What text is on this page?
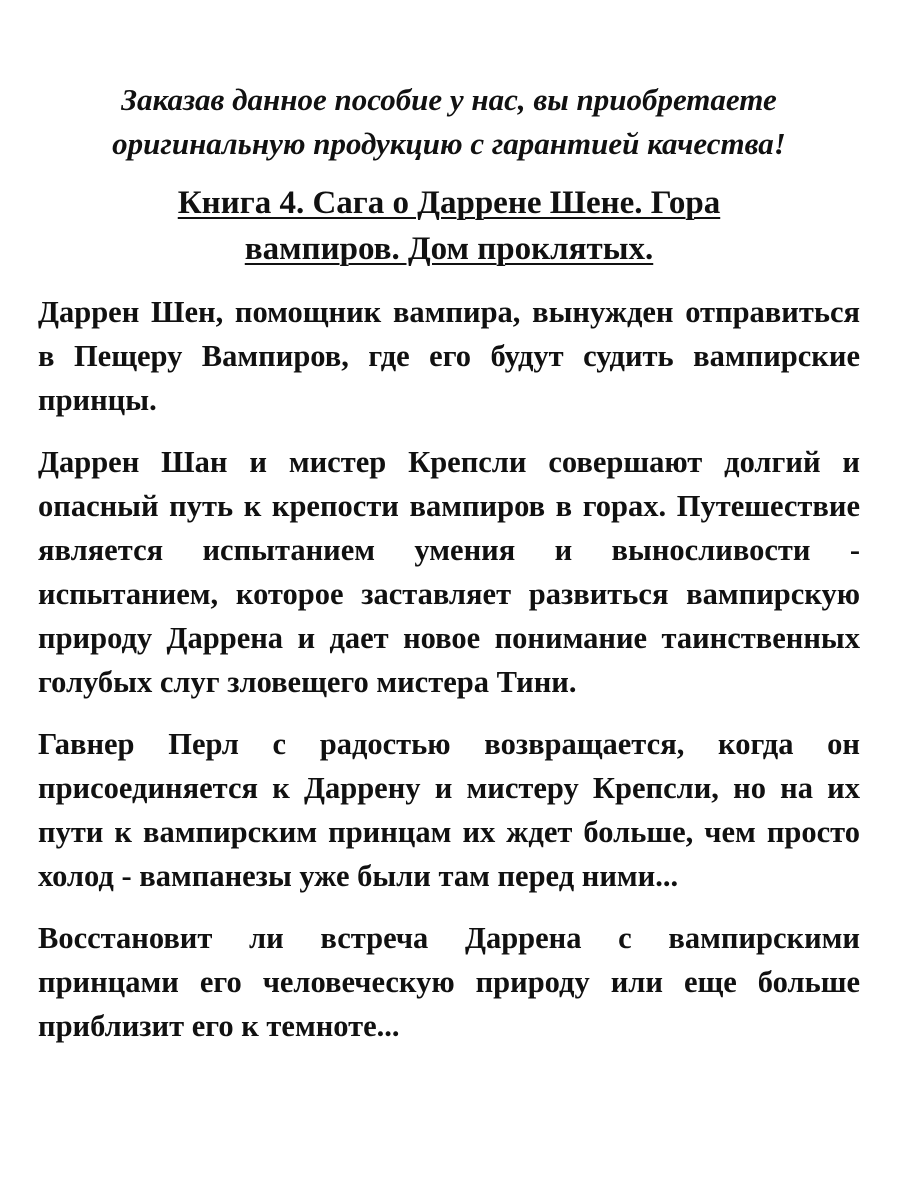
Заказав данное пособие у нас, вы приобретаете
оригинальную продукцию с гарантией качества!
Книга 4. Сага о Даррене Шене. Гора
вампиров. Дом проклятых.

Даррен Шен, помощник вампира, вынужден отправиться в Пещеру Вампиров, где его будут судить вампирские принцы.

Даррен Шан и мистер Крепсли совершают долгий и опасный путь к крепости вампиров в горах. Путешествие является испытанием умения и выносливости - испытанием, которое заставляет развиться вампирскую природу Даррена и дает новое понимание таинственных голубых слуг зловещего мистера Тини.

Гавнер Перл с радостью возвращается, когда он присоединяется к Даррену и мистеру Крепсли, но на их пути к вампирским принцам их ждет больше, чем просто холод - вампанезы уже были там перед ними...

Восстановит ли встреча Даррена с вампирскими принцами его человеческую природу или еще больше приблизит его к темноте...
